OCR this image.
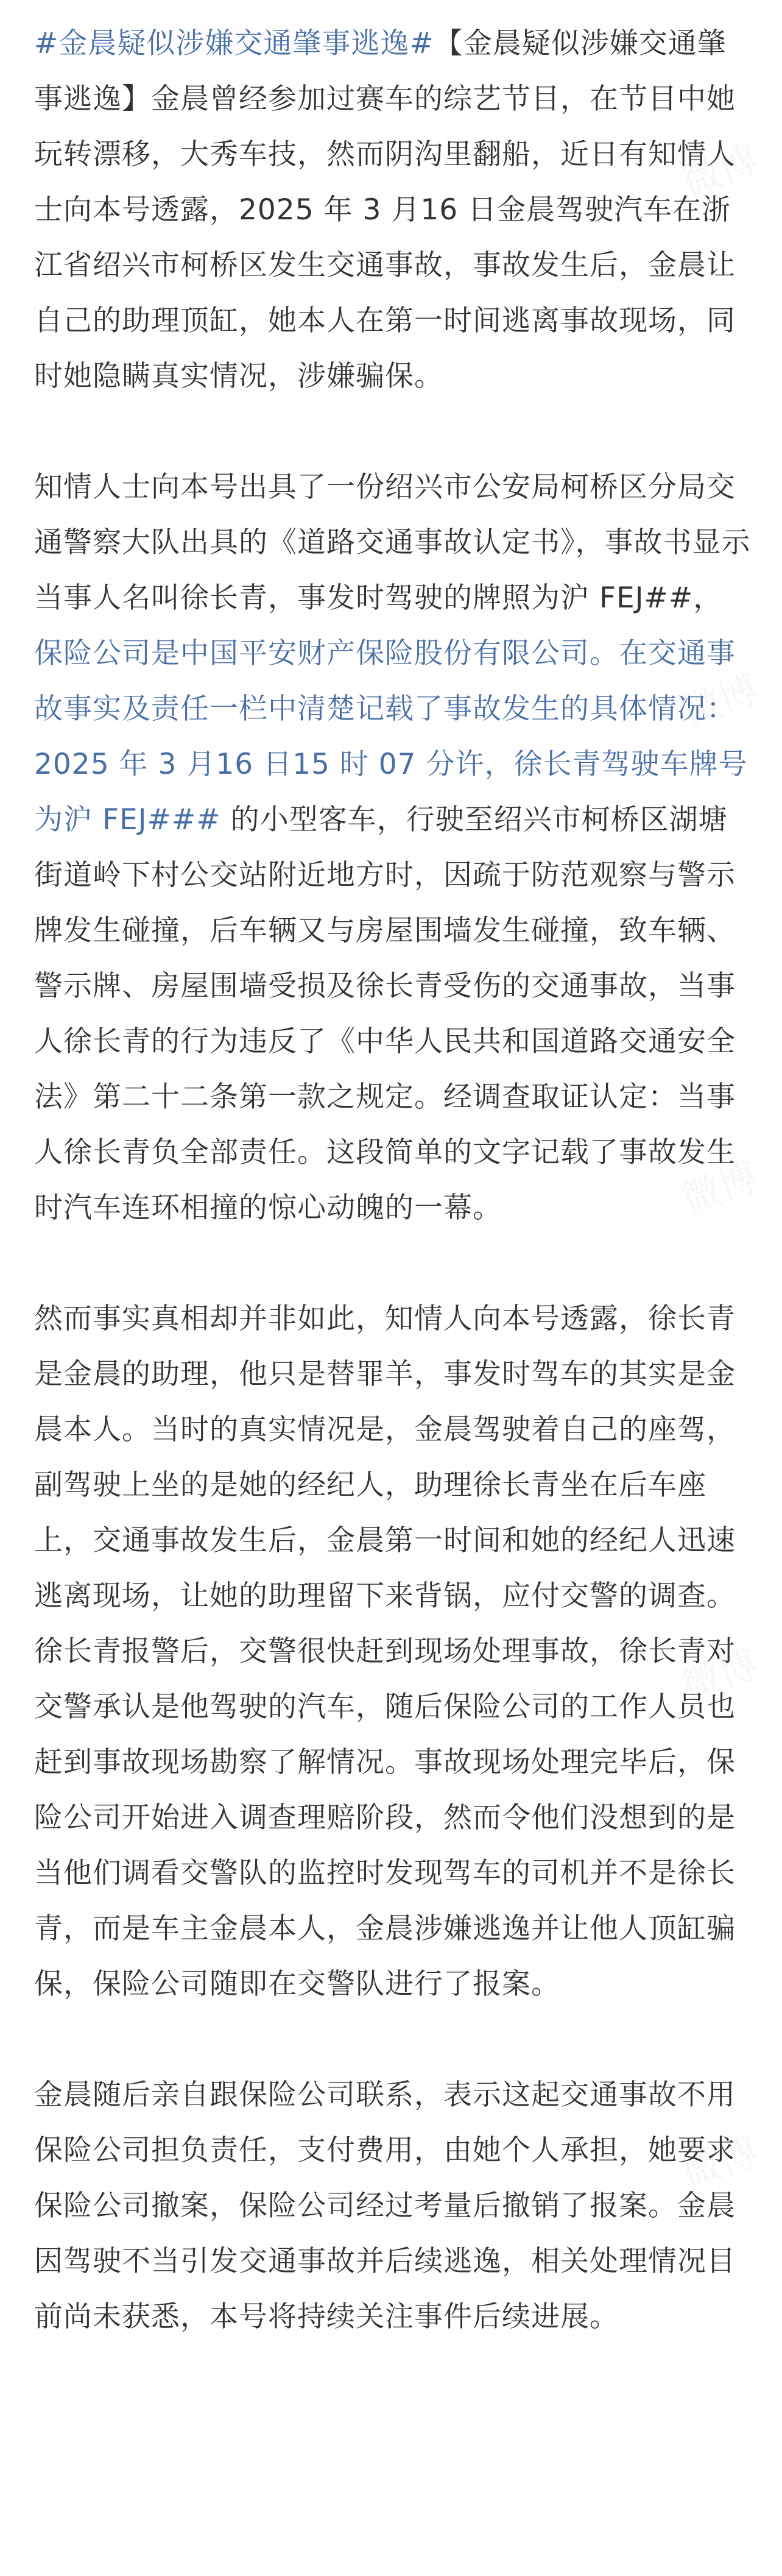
#金晨疑似涉嫌交通肇事逃逸#【金晨疑似涉嫌交通肇事逃逸】金晨曾经参加过赛车的综艺节目，在节目中她玩转漂移，大秀车技，然而阴沟里翻船，近日有知情人士向本号透露，2025 年 3 月16 日金晨驾驶汽车在浙江省绍兴市柯桥区发生交通事故，事故发生后，金晨让自己的助理顶缸，她本人在第一时间逃离事故现场，同时她隐瞒真实情况，涉嫌骗保。
知情人士向本号出具了一份绍兴市公安局柯桥区分局交通警察大队出具的《道路交通事故认定书》，事故书显示当事人名叫徐长青，事发时驾驶的牌照为沪 FEJ##，保险公司是中国平安财产保险股份有限公司。在交通事故事实及责任一栏中清楚记载了事故发生的具体情况：2025 年 3 月16 日15 时 07 分许，徐长青驾驶车牌号为沪 FEJ### 的小型客车，行驶至绍兴市柯桥区湖塘街道岭下村公交站附近地方时，因疏于防范观察与警示牌发生碰撞，后车辆又与房屋围墙发生碰撞，致车辆、警示牌、房屋围墙受损及徐长青受伤的交通事故，当事人徐长青的行为违反了《中华人民共和国道路交通安全法》第二十二条第一款之规定。经调查取证认定：当事人徐长青负全部责任。这段简单的文字记载了事故发生时汽车连环相撞的惊心动魄的一幕。
然而事实真相却并非如此，知情人向本号透露，徐长青是金晨的助理，他只是替罪羊，事发时驾车的其实是金晨本人。当时的真实情况是，金晨驾驶着自己的座驾，副驾驶上坐的是她的经纪人，助理徐长青坐在后车座上，交通事故发生后，金晨第一时间和她的经纪人迅速逃离现场，让她的助理留下来背锅，应付交警的调查。徐长青报警后，交警很快赶到现场处理事故，徐长青对交警承认是他驾驶的汽车，随后保险公司的工作人员也赶到事故现场勘察了解情况。事故现场处理完毕后，保险公司开始进入调查理赔阶段，然而令他们没想到的是当他们调看交警队的监控时发现驾车的司机并不是徐长青，而是车主金晨本人，金晨涉嫌逃逸并让他人顶缸骗保，保险公司随即在交警队进行了报案。
金晨随后亲自跟保险公司联系，表示这起交通事故不用保险公司担负责任，支付费用，由她个人承担，她要求保险公司撤案，保险公司经过考量后撤销了报案。金晨因驾驶不当引发交通事故并后续逃逸，相关处理情况目前尚未获悉，本号将持续关注事件后续进展。
